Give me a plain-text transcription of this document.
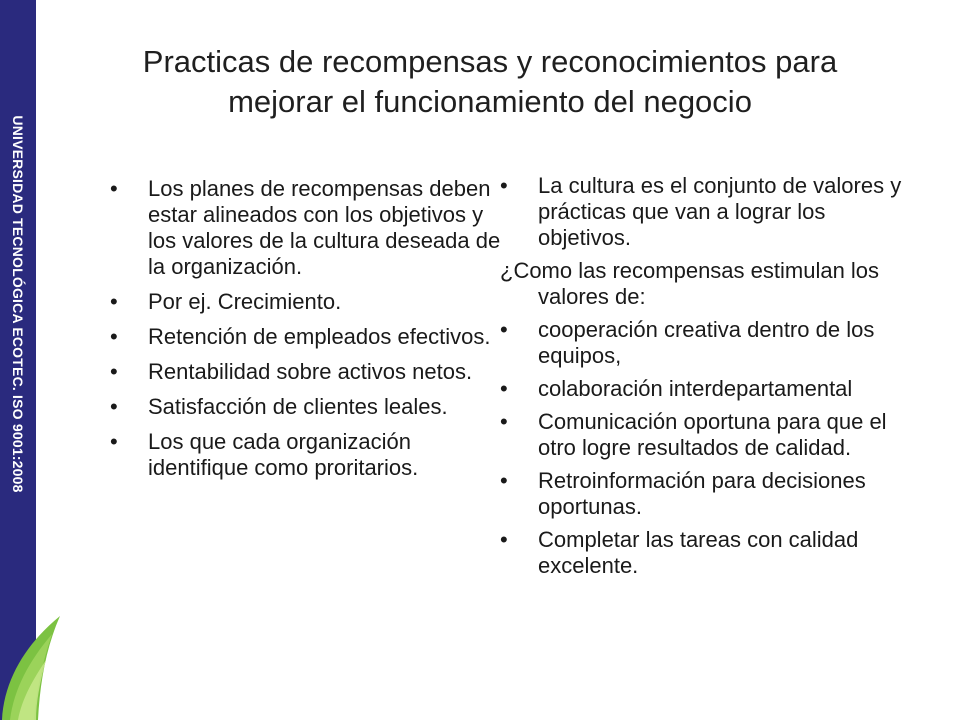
UNIVERSIDAD TECNOLÓGICA ECOTEC. ISO 9001:2008
Practicas de recompensas y reconocimientos para
mejorar el funcionamiento del negocio
• Los planes de recompensas deben estar alineados con los objetivos y los valores de la cultura deseada de la organización.
• Por ej. Crecimiento.
• Retención de empleados efectivos.
• Rentabilidad sobre activos netos.
• Satisfacción de clientes leales.
• Los que cada organización identifique como proritarios.
• La cultura es el conjunto de valores y prácticas que van a lograr los objetivos.
¿Como las recompensas estimulan los valores de:
• cooperación creativa dentro de los equipos,
• colaboración interdepartamental
• Comunicación oportuna para que el otro logre resultados de calidad.
• Retroinformación para decisiones oportunas.
• Completar las tareas con calidad excelente.
